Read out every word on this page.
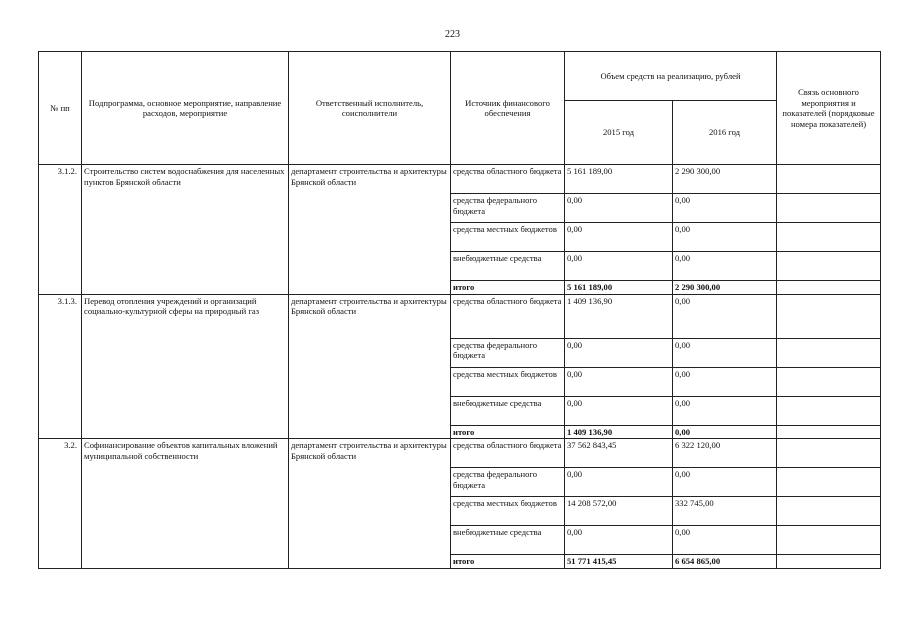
223
№ пп	Подпрограмма, основное мероприятие, направление расходов, мероприятие	Ответственный исполнитель, соисполнители	Источник финансового обеспечения	Объем средств на реализацию, рублей		Связь основного мероприятия и показателей (порядковые номера показателей)
				2015 год	2016 год	
3.1.2.	Строительство систем водоснабжения для населенных пунктов Брянской области	департамент строительства и архитектуры Брянской области	средства областного бюджета	5 161 189,00	2 290 300,00	
			средства федерального бюджета	0,00	0,00	
			средства местных бюджетов	0,00	0,00	
			внебюджетные средства	0,00	0,00	
			итого	5 161 189,00	2 290 300,00	
3.1.3.	Перевод отопления учреждений и организаций социально-культурной сферы на природный газ	департамент строительства и архитектуры Брянской области	средства областного бюджета	1 409 136,90	0,00	
			средства федерального бюджета	0,00	0,00	
			средства местных бюджетов	0,00	0,00	
			внебюджетные средства	0,00	0,00	
			итого	1 409 136,90	0,00	
3.2.	Софинансирование объектов капитальных вложений муниципальной собственности	департамент строительства и архитектуры Брянской области	средства областного бюджета	37 562 843,45	6 322 120,00	
			средства федерального бюджета	0,00	0,00	
			средства местных бюджетов	14 208 572,00	332 745,00	
			внебюджетные средства	0,00	0,00	
			итого	51 771 415,45	6 654 865,00	
